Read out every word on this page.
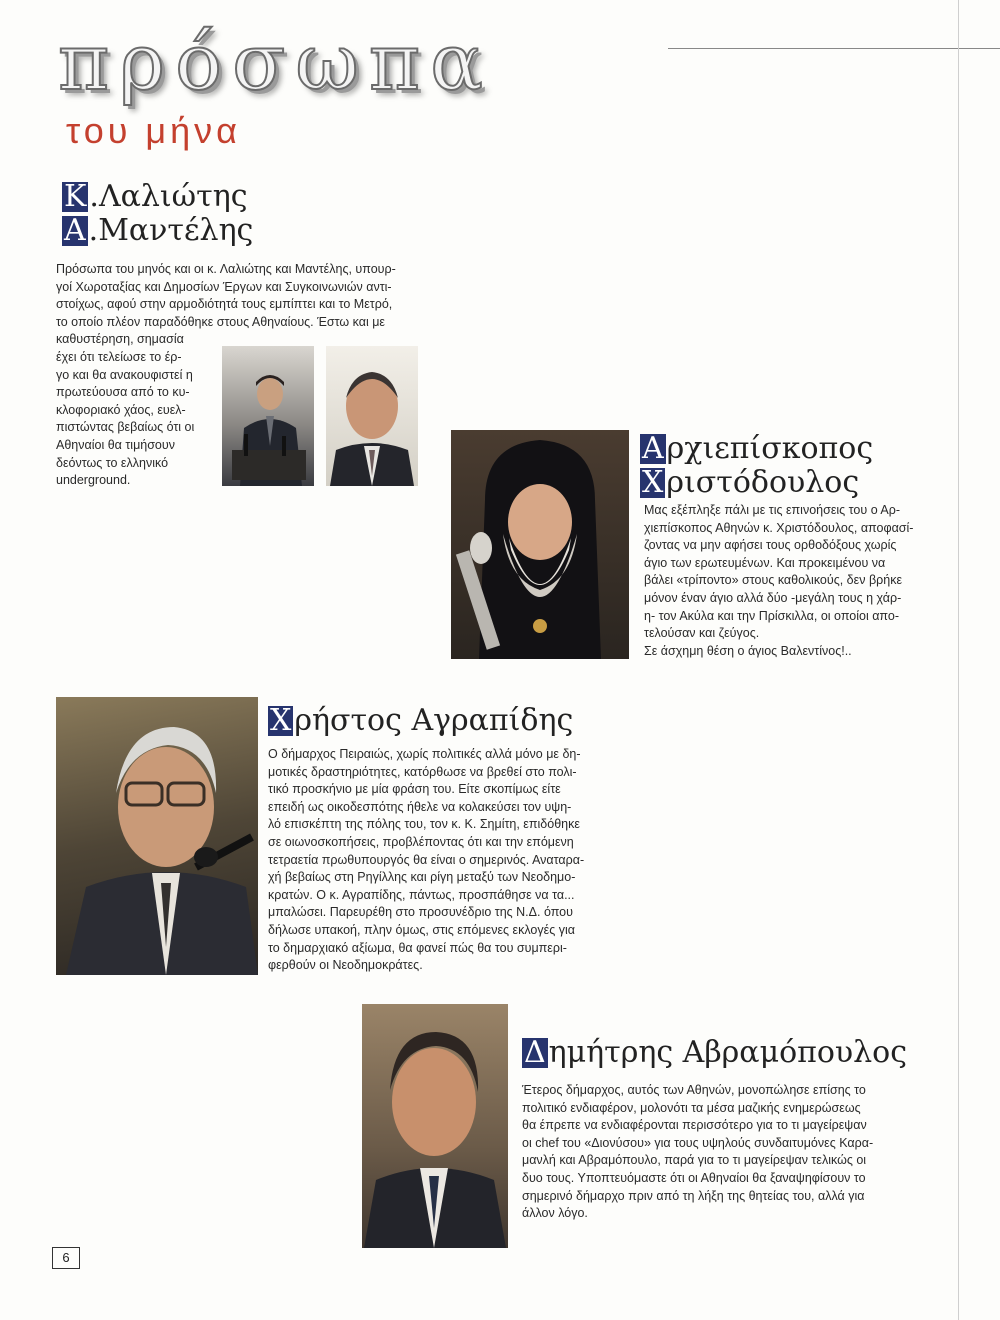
πρόσωπα
του μήνα
Κ .Λαλιώτης
Α .Μαντέλης
Πρόσωπα του μηνός και οι κ. Λαλιώτης και Μαντέλης, υπουρ-
γοί Χωροταξίας και Δημοσίων Έργων και Συγκοινωνιών αντι-
στοίχως, αφού στην αρμοδιότητά τους εμπίπτει και το Μετρό,
το οποίο πλέον παραδόθηκε στους Αθηναίους. Έστω και με
καθυστέρηση, σημασία
έχει ότι τελείωσε το έρ-
γο και θα ανακουφιστεί η
πρωτεύουσα από το κυ-
κλοφοριακό χάος, ευελ-
πιστώντας βεβαίως ότι οι
Αθηναίοι θα τιμήσουν
δεόντως το ελληνικό
underground.
Α ρχιεπίσκοπος
Χ ριστόδουλος
Μας εξέπληξε πάλι με τις επινοήσεις του ο Αρ-
χιεπίσκοπος Αθηνών κ. Χριστόδουλος, αποφασί-
ζοντας να μην αφήσει τους ορθοδόξους χωρίς
άγιο των ερωτευμένων. Και προκειμένου να
βάλει «τρίποντο» στους καθολικούς, δεν βρήκε
μόνον έναν άγιο αλλά δύο -μεγάλη τους η χάρ-
η- τον Ακύλα και την Πρίσκιλλα, οι οποίοι απο-
τελούσαν και ζεύγος.
Σε άσχημη θέση ο άγιος Βαλεντίνος!..
Χ ρήστος Αγραπίδης
Ο δήμαρχος Πειραιώς, χωρίς πολιτικές αλλά μόνο με δη-
μοτικές δραστηριότητες, κατόρθωσε να βρεθεί στο πολι-
τικό προσκήνιο με μία φράση του. Είτε σκοπίμως είτε
επειδή ως οικοδεσπότης ήθελε να κολακεύσει τον υψη-
λό επισκέπτη της πόλης του, τον κ. Κ. Σημίτη, επιδόθηκε
σε οιωνοσκοπήσεις, προβλέποντας ότι και την επόμενη
τετραετία πρωθυπουργός θα είναι ο σημερινός. Αναταρα-
χή βεβαίως στη Ρηγίλλης και ρίγη μεταξύ των Νεοδημο-
κρατών. Ο κ. Αγραπίδης, πάντως, προσπάθησε να τα...
μπαλώσει. Παρευρέθη στο προσυνέδριο της Ν.Δ. όπου
δήλωσε υπακοή, πλην όμως, στις επόμενες εκλογές για
το δημαρχιακό αξίωμα, θα φανεί πώς θα του συμπερι-
φερθούν οι Νεοδημοκράτες.
Δ ημήτρης Αβραμόπουλος
Έτερος δήμαρχος, αυτός των Αθηνών, μονοπώλησε επίσης το
πολιτικό ενδιαφέρον, μολονότι τα μέσα μαζικής ενημερώσεως
θα έπρεπε να ενδιαφέρονται περισσότερο για το τι μαγείρεψαν
οι chef του «Διονύσου» για τους υψηλούς συνδαιτυμόνες Καρα-
μανλή και Αβραμόπουλο, παρά για το τι μαγείρεψαν τελικώς οι
δυο τους. Υποπτευόμαστε ότι οι Αθηναίοι θα ξαναψηφίσουν το
σημερινό δήμαρχο πριν από τη λήξη της θητείας του, αλλά για
άλλον λόγο.
6
